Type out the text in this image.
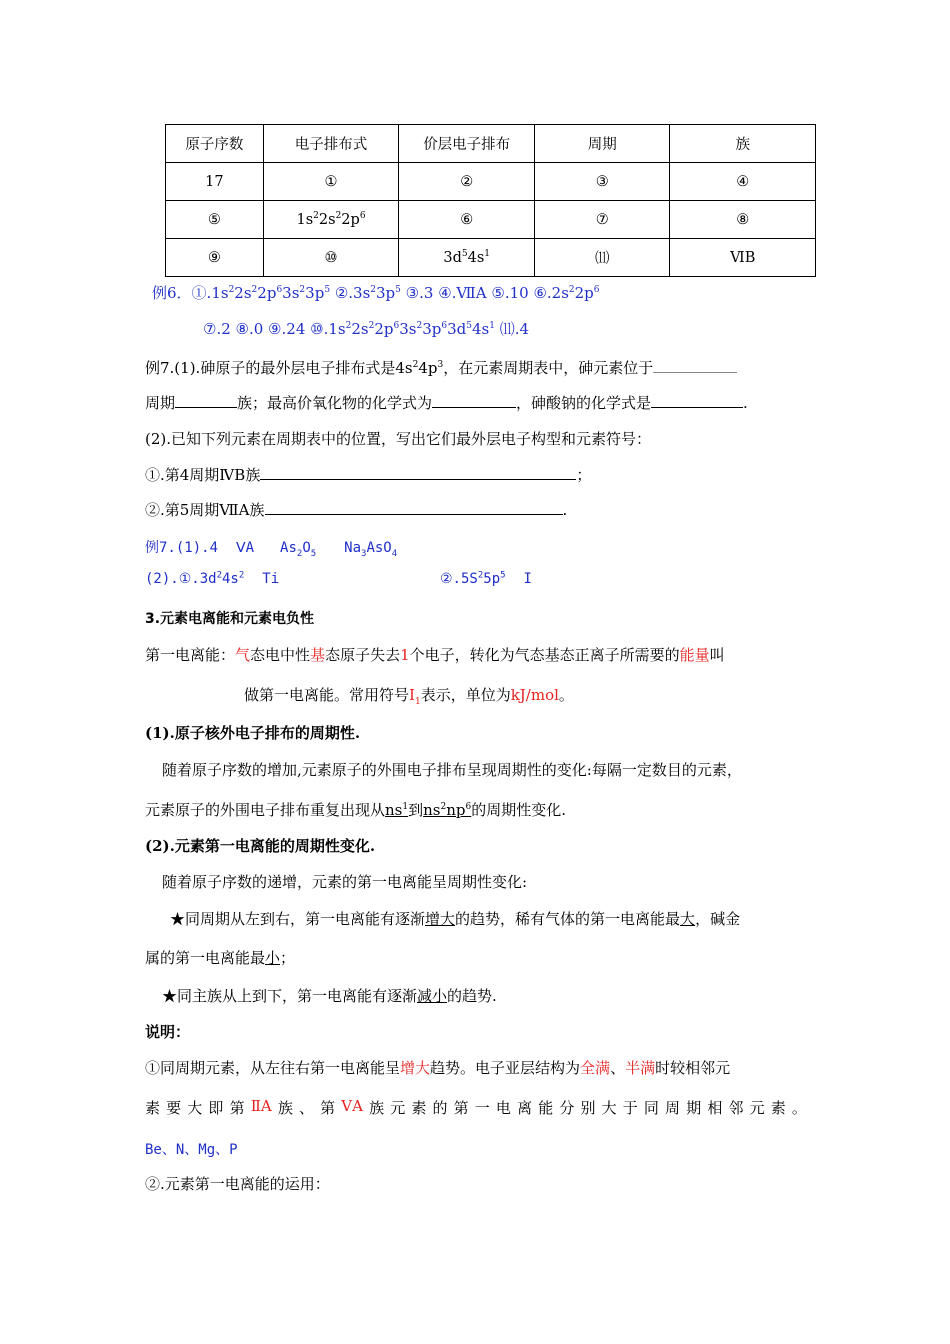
原子序数	电子排布式	价层电子排布	周期	族
17	①	②	③	④
⑤	$1s^22s^22p^6$	⑥	⑦	⑧
⑨	⑩	$3d^54s^1$	⑾	ⅥB
例6．$①.1s^22s^22p^63s^23p^5$ $②.3s^23p^5$ ③.3 ④.ⅦA ⑤.10 $⑥.2s^22p^6$
⑦.2 ⑧.0 ⑨.24 $⑩.1s^22s^22p^63s^23p^63d^54s^1$ ⑾.4
例7.(1).砷原子的最外层电子排布式是$4s^24p^3$，在元素周期表中，砷元素位于
周期	族；最高价氧化物的化学式为	，砷酸钠的化学式是	.
(2).已知下列元素在周期表中的位置，写出它们最外层电子构型和元素符号：
①.第4周期ⅣB族	；
②.第5周期ⅦA族	.
例7.(1).4 ⅤA $As_2O_5$ $Na_3AsO_4$
$(2).①.3d^24s^2$ Ti	$②.5S^25p^5$ I
3.元素电离能和元素电负性
第一电离能：气态电中性基态原子失去1个电子，转化为气态基态正离子所需要的能量叫
做第一电离能。常用符号$I_1$表示，单位为kJ/mol。
(1).原子核外电子排布的周期性.
随着原子序数的增加,元素原子的外围电子排布呈现周期性的变化:每隔一定数目的元素，
元素原子的外围电子排布重复出现从$ns^1$到$ns^2np^6$的周期性变化.
(2).元素第一电离能的周期性变化.
随着原子序数的递增，元素的第一电离能呈周期性变化:
★同周期从左到右，第一电离能有逐渐增大的趋势，稀有气体的第一电离能最大，碱金
属的第一电离能最小；
★同主族从上到下，第一电离能有逐渐减小的趋势.
说明：
①同周期元素，从左往右第一电离能呈增大趋势。电子亚层结构为全满、半满时较相邻元
素 要 大 即 第 ⅡA 族 、 第 ⅤA 族 元 素 的 第 一 电 离 能 分 别 大 于 同 周 期 相 邻 元 素 。
Be、N、Mg、P
②.元素第一电离能的运用：
